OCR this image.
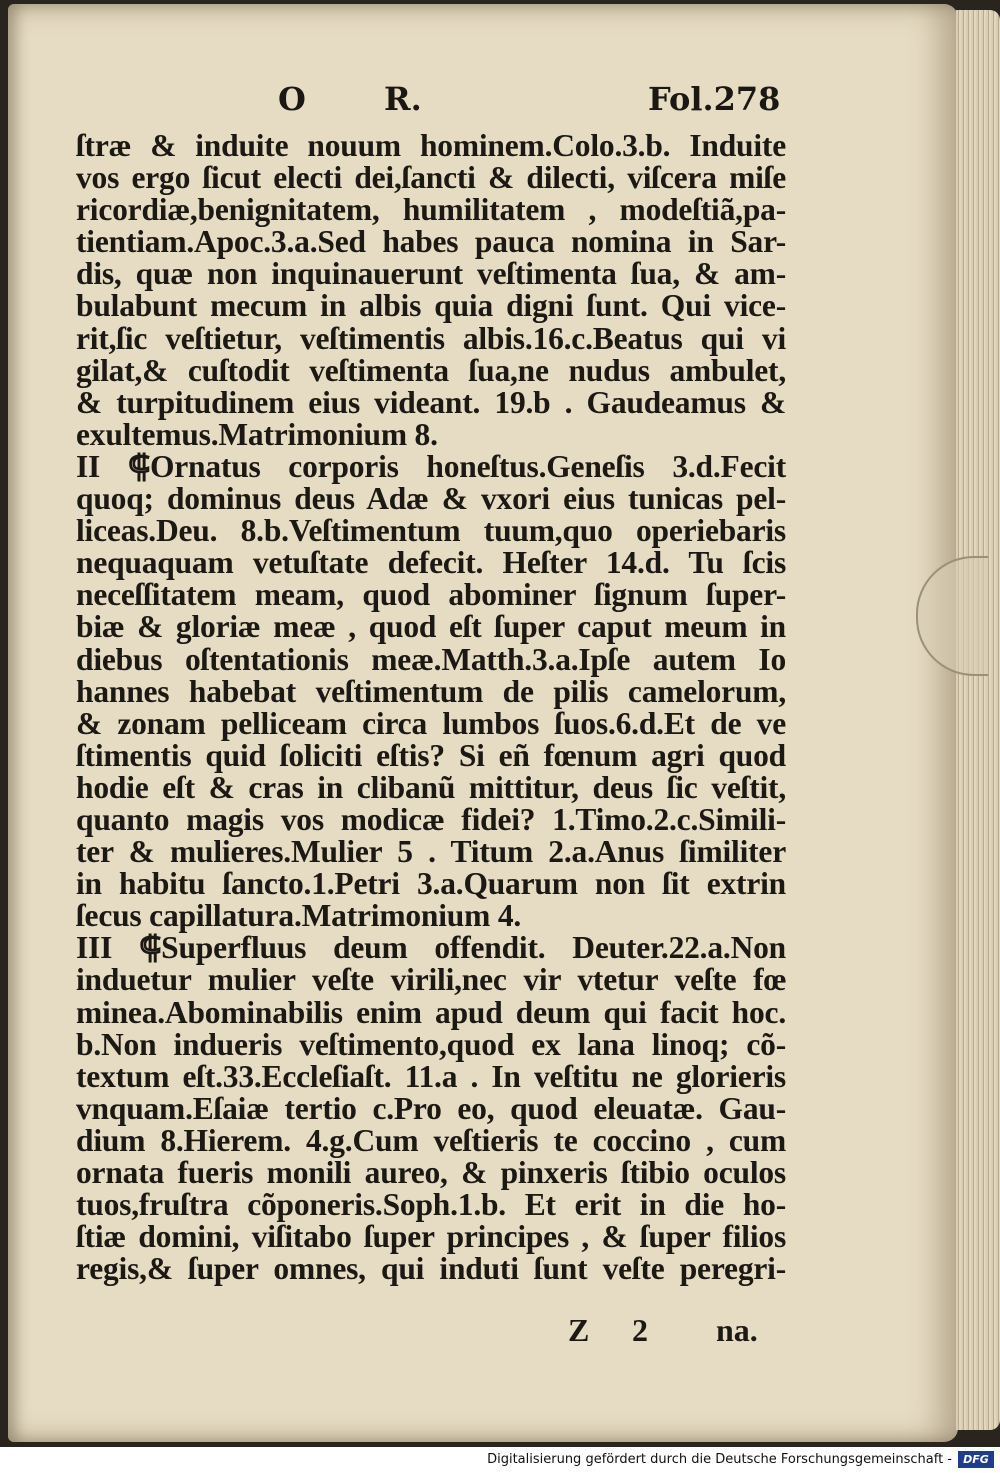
O R.	Fol.278
ſtræ & induite nouum hominem.Colo.3.b. Induite
vos ergo ſicut electi dei,ſancti & dilecti, viſcera miſe
ricordiæ,benignitatem, humilitatem , modeſtiã,pa-
tientiam.Apoc.3.a.Sed habes pauca nomina in Sar-
dis, quæ non inquinauerunt veſtimenta ſua, & am-
bulabunt mecum in albis quia digni ſunt. Qui vice-
rit,ſic veſtietur, veſtimentis albis.16.c.Beatus qui vi
gilat,& cuſtodit veſtimenta ſua,ne nudus ambulet,
& turpitudinem eius videant. 19.b . Gaudeamus &
exultemus.Matrimonium 8.
II ⸿Ornatus corporis honeſtus.Geneſis 3.d.Fecit
quoq; dominus deus Adæ & vxori eius tunicas pel-
liceas.Deu. 8.b.Veſtimentum tuum,quo operiebaris
nequaquam vetuſtate defecit. Heſter 14.d. Tu ſcis
neceſſitatem meam, quod abominer ſignum ſuper-
biæ & gloriæ meæ , quod eſt ſuper caput meum in
diebus oſtentationis meæ.Matth.3.a.Ipſe autem Io
hannes habebat veſtimentum de pilis camelorum,
& zonam pelliceam circa lumbos ſuos.6.d.Et de ve
ſtimentis quid ſoliciti eſtis? Si eñ fœnum agri quod
hodie eſt & cras in clibanũ mittitur, deus ſic veſtit,
quanto magis vos modicæ fidei? 1.Timo.2.c.Simili-
ter & mulieres.Mulier 5 . Titum 2.a.Anus ſimiliter
in habitu ſancto.1.Petri 3.a.Quarum non ſit extrin
ſecus capillatura.Matrimonium 4.
III ⸿Superfluus deum offendit. Deuter.22.a.Non
induetur mulier veſte virili,nec vir vtetur veſte fœ
minea.Abominabilis enim apud deum qui facit hoc.
b.Non indueris veſtimento,quod ex lana linoq; cõ-
textum eſt.33.Eccleſiaſt. 11.a . In veſtitu ne glorieris
vnquam.Eſaiæ tertio c.Pro eo, quod eleuatæ. Gau-
dium 8.Hierem. 4.g.Cum veſtieris te coccino , cum
ornata fueris monili aureo, & pinxeris ſtibio oculos
tuos,fruſtra cõponeris.Soph.1.b. Et erit in die ho-
ſtiæ domini, viſitabo ſuper principes , & ſuper filios
regis,& ſuper omnes, qui induti ſunt veſte peregri-
Z 2 na.
Digitalisierung gefördert durch die Deutsche Forschungsgemeinschaft -	DFG
